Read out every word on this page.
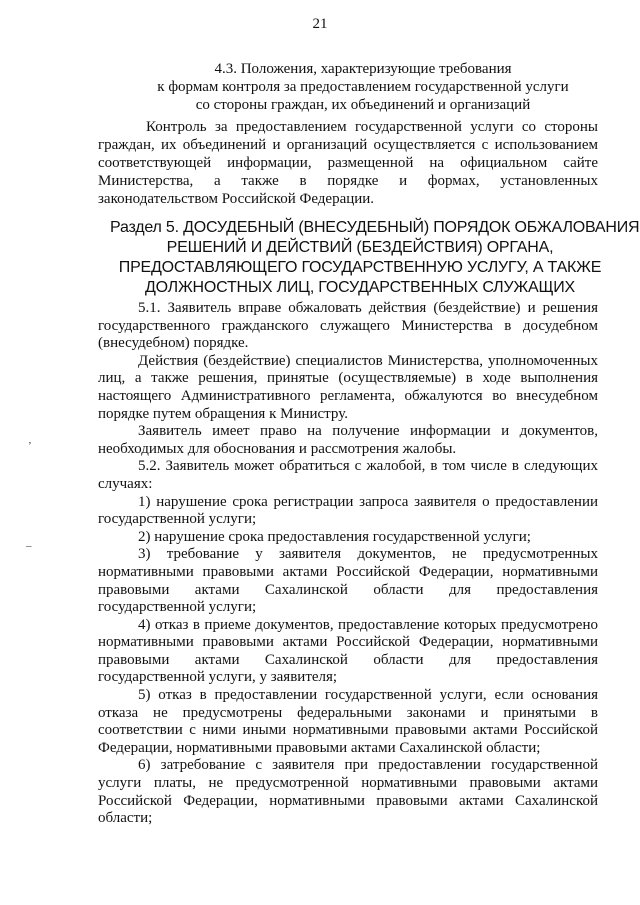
21
4.3. Положения, характеризующие требования
к формам контроля за предоставлением государственной услуги
со стороны граждан, их объединений и организаций

Контроль за предоставлением государственной услуги со стороны граждан, их объединений и организаций осуществляется с использованием соответствующей информации, размещенной на официальном сайте Министерства, а также в порядке и формах, установленных законодательством Российской Федерации.

Раздел 5. ДОСУДЕБНЫЙ (ВНЕСУДЕБНЫЙ) ПОРЯДОК ОБЖАЛОВАНИЯ
РЕШЕНИЙ И ДЕЙСТВИЙ (БЕЗДЕЙСТВИЯ) ОРГАНА,
ПРЕДОСТАВЛЯЮЩЕГО ГОСУДАРСТВЕННУЮ УСЛУГУ, А ТАКЖЕ
ДОЛЖНОСТНЫХ ЛИЦ, ГОСУДАРСТВЕННЫХ СЛУЖАЩИХ

5.1. Заявитель вправе обжаловать действия (бездействие) и решения государственного гражданского служащего Министерства в досудебном (внесудебном) порядке.

Действия (бездействие) специалистов Министерства, уполномоченных лиц, а также решения, принятые (осуществляемые) в ходе выполнения настоящего Административного регламента, обжалуются во внесудебном порядке путем обращения к Министру.

Заявитель имеет право на получение информации и документов, необходимых для обоснования и рассмотрения жалобы.

5.2. Заявитель может обратиться с жалобой, в том числе в следующих случаях:

1) нарушение срока регистрации запроса заявителя о предоставлении государственной услуги;

2) нарушение срока предоставления государственной услуги;

3) требование у заявителя документов, не предусмотренных нормативными правовыми актами Российской Федерации, нормативными правовыми актами Сахалинской области для предоставления государственной услуги;

4) отказ в приеме документов, предоставление которых предусмотрено нормативными правовыми актами Российской Федерации, нормативными правовыми актами Сахалинской области для предоставления государственной услуги, у заявителя;

5) отказ в предоставлении государственной услуги, если основания отказа не предусмотрены федеральными законами и принятыми в соответствии с ними иными нормативными правовыми актами Российской Федерации, нормативными правовыми актами Сахалинской области;

6) затребование с заявителя при предоставлении государственной услуги платы, не предусмотренной нормативными правовыми актами Российской Федерации, нормативными правовыми актами Сахалинской области;

ʼ
–
